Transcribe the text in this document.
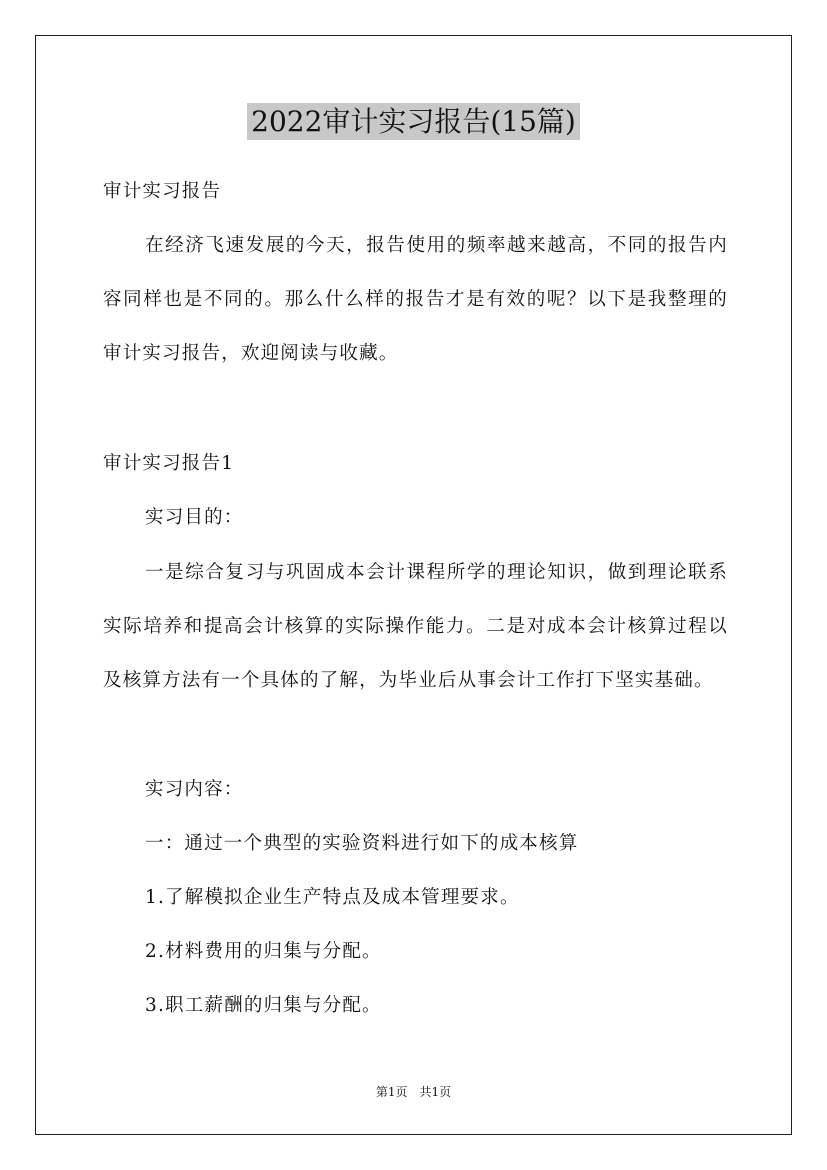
2022审计实习报告(15篇)

审计实习报告

在经济飞速发展的今天，报告使用的频率越来越高，不同的报告内容同样也是不同的。那么什么样的报告才是有效的呢？以下是我整理的审计实习报告，欢迎阅读与收藏。

审计实习报告1

实习目的：

一是综合复习与巩固成本会计课程所学的理论知识，做到理论联系实际培养和提高会计核算的实际操作能力。二是对成本会计核算过程以及核算方法有一个具体的了解，为毕业后从事会计工作打下坚实基础。

实习内容：

一：通过一个典型的实验资料进行如下的成本核算

1.了解模拟企业生产特点及成本管理要求。

2.材料费用的归集与分配。

3.职工薪酬的归集与分配。

第1页 共1页
